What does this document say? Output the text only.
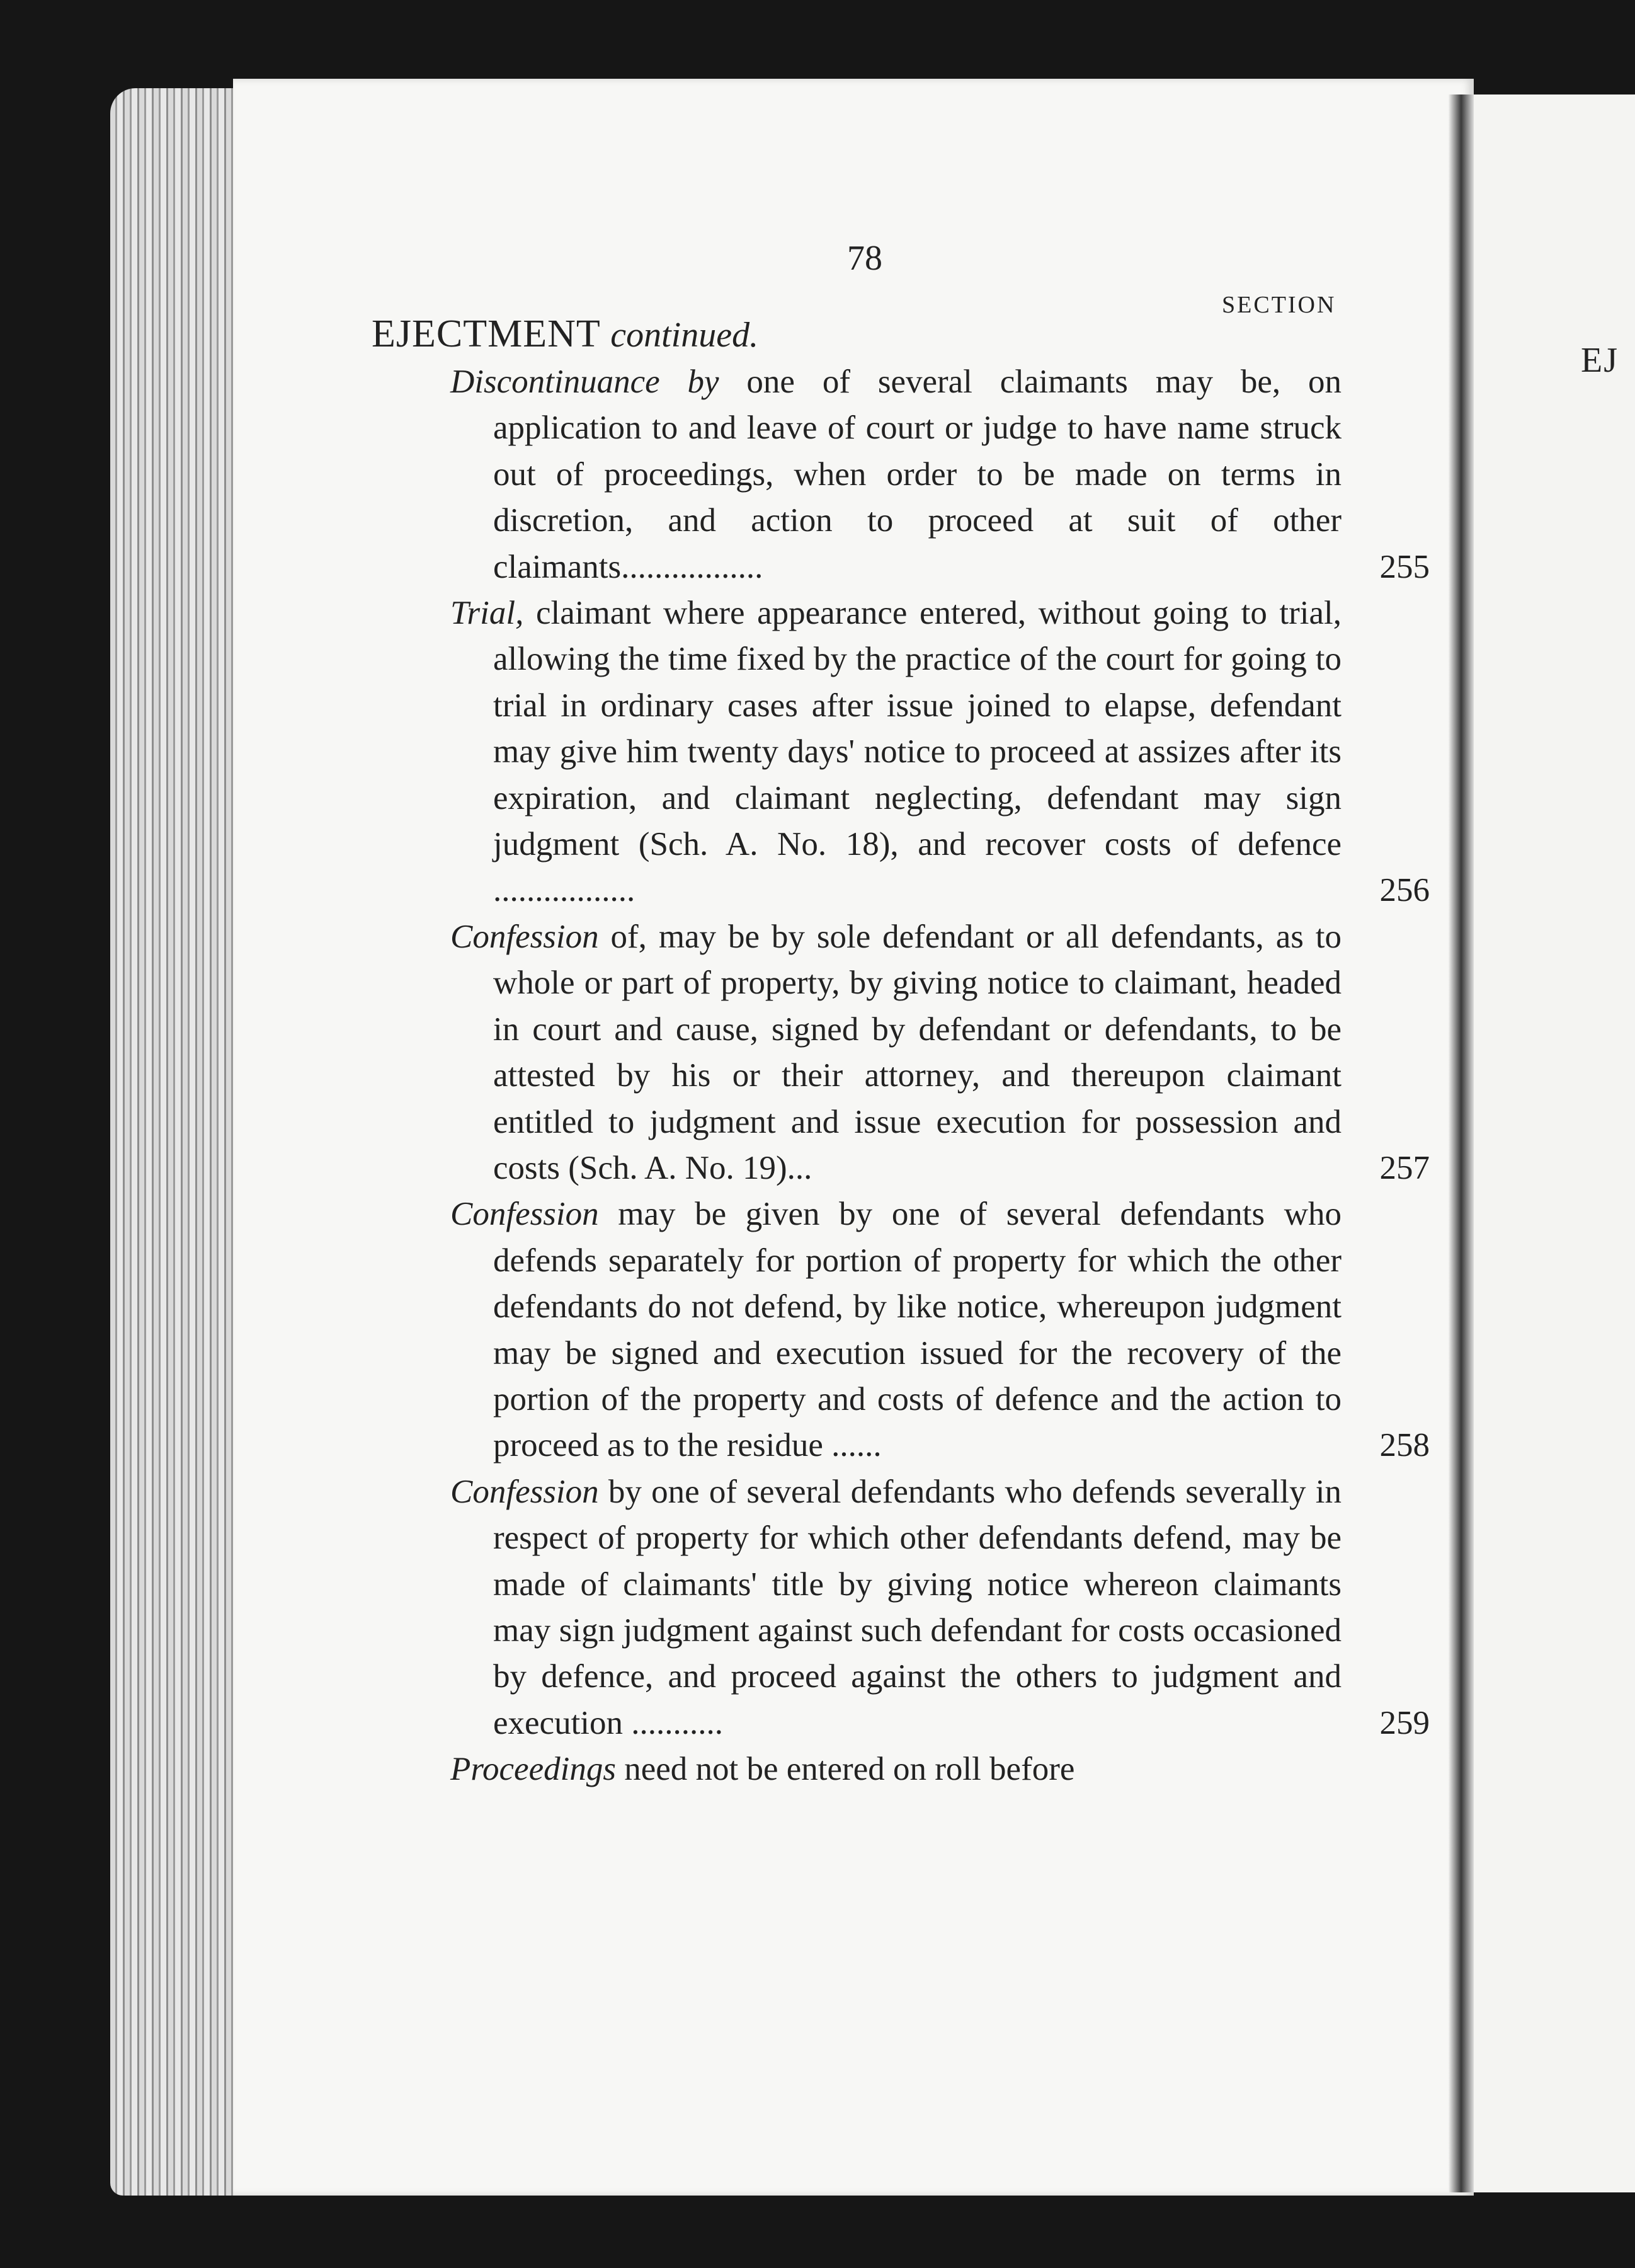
EJ
78
SECTION
EJECTMENT continued.
Discontinuance by one of several claimants may be, on application to and leave of court or judge to have name struck out of proceedings, when order to be made on terms in discretion, and action to proceed at suit of other claimants.................	255
Trial, claimant where appearance entered, without going to trial, allowing the time fixed by the practice of the court for going to trial in ordinary cases after issue joined to elapse, defendant may give him twenty days' notice to proceed at assizes after its expiration, and claimant neglecting, defendant may sign judgment (Sch. A. No. 18), and recover costs of defence .................	256
Confession of, may be by sole defendant or all defendants, as to whole or part of property, by giving notice to claimant, headed in court and cause, signed by defendant or defendants, to be attested by his or their attorney, and thereupon claimant entitled to judgment and issue execution for possession and costs (Sch. A. No. 19)...	257
Confession may be given by one of several defendants who defends separately for portion of property for which the other defendants do not defend, by like notice, whereupon judgment may be signed and execution issued for the recovery of the portion of the property and costs of defence and the action to proceed as to the residue ......	258
Confession by one of several defendants who defends severally in respect of property for which other defendants defend, may be made of claimants' title by giving notice whereon claimants may sign judgment against such defendant for costs occasioned by defence, and proceed against the others to judgment and execution ...........	259
Proceedings need not be entered on roll before
